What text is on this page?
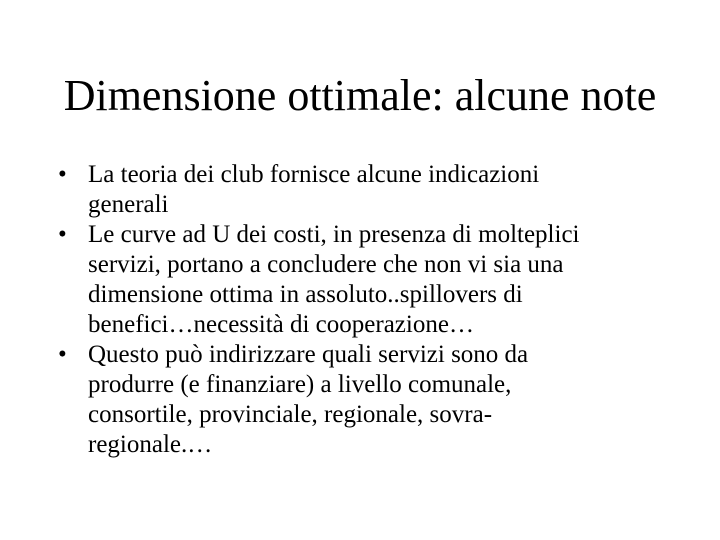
Dimensione ottimale: alcune note
• La teoria dei club fornisce alcune indicazioni
generali
• Le curve ad U dei costi, in presenza di molteplici
servizi, portano a concludere che non vi sia una
dimensione ottima in assoluto..spillovers di
benefici…necessità di cooperazione…
• Questo può indirizzare quali servizi sono da
produrre (e finanziare) a livello comunale,
consortile, provinciale, regionale, sovra-
regionale.…
